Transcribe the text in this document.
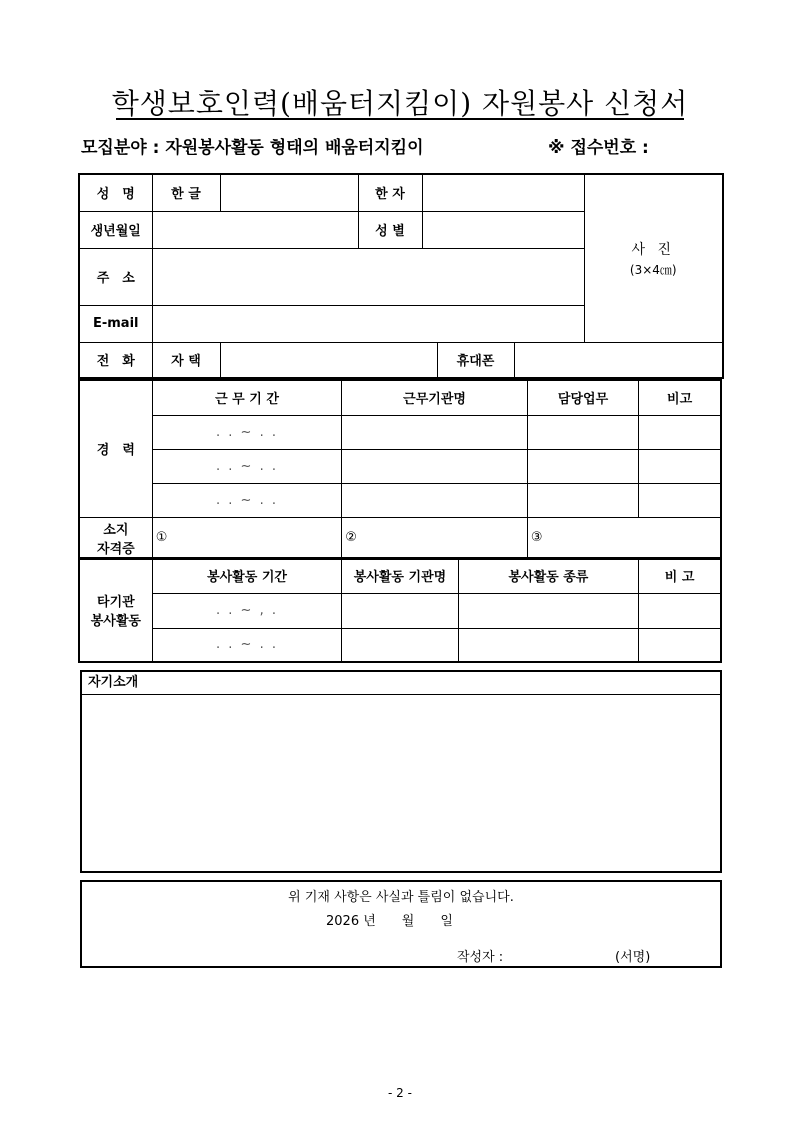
학생보호인력(배움터지킴이) 자원봉사 신청서
모집분야 : 자원봉사활동 형태의 배움터지킴이	※ 접수번호 :
성　명	한 글		한 자				사 진
(3×4㎝)

생년월일			성 별				
주　소							
E-mail							
전　화	자 택				휴대폰		
경　력	근 무 기 간	근무기관명	담당업무	비고
	. . ~ . .			
	. . ~ . .			
	. . ~ . .			
소지
자격증	①	②	③	
타기관
봉사활동	봉사활동 기간	봉사활동 기관명	봉사활동 종류	비 고
	. . ~ , .			
	. . ~ . .			
자기소개
위 기재 사항은 사실과 틀림이 없습니다.
2026 년　　월　　일
작성자 :	(서명)
- 2 -
